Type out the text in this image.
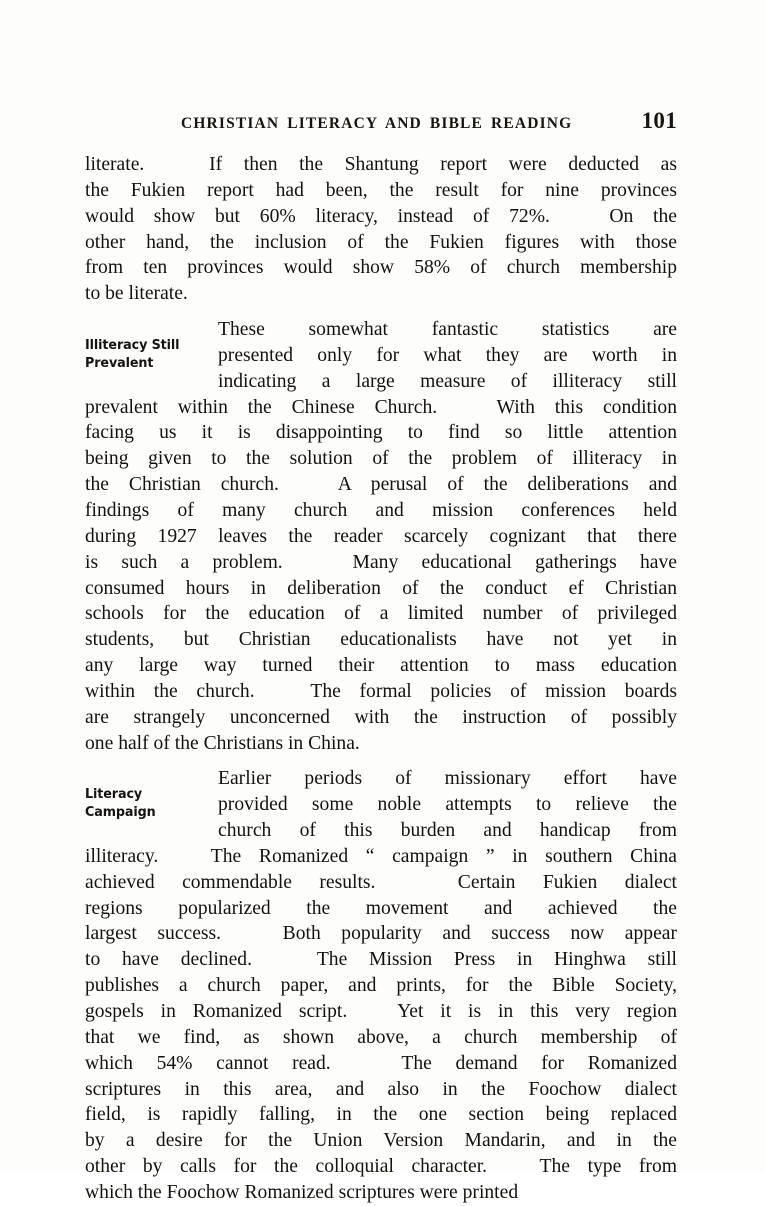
CHRISTIAN LITERACY AND BIBLE READING	101

literate.   If then the Shantung report were deducted as
the Fukien report had been, the result for nine provinces
would show but 60% literacy, instead of 72%.   On the
other hand, the inclusion of the Fukien figures with those
from ten provinces would show 58% of church membership
to be literate.

Illiteracy Still
Prevalent
These somewhat fantastic statistics are
presented only for what they are worth in
indicating a large measure of illiteracy still
prevalent within the Chinese Church.   With this condition
facing us it is disappointing to find so little attention
being given to the solution of the problem of illiteracy in
the Christian church.   A perusal of the deliberations and
findings of many church and mission conferences held
during 1927 leaves the reader scarcely cognizant that there
is such a problem.   Many educational gatherings have
consumed hours in deliberation of the conduct ef Christian
schools for the education of a limited number of privileged
students, but Christian educationalists have not yet in
any large way turned their attention to mass education
within the church.   The formal policies of mission boards
are strangely unconcerned with the instruction of possibly
one half of the Christians in China.

Literacy
Campaign
Earlier periods of missionary effort have
provided some noble attempts to relieve the
church of this burden and handicap from
illiteracy.   The Romanized “ campaign ” in southern China
achieved commendable results.   Certain Fukien dialect
regions popularized the movement and achieved the
largest success.   Both popularity and success now appear
to have declined.   The Mission Press in Hinghwa still
publishes a church paper, and prints, for the Bible Society,
gospels in Romanized script.   Yet it is in this very region
that we find, as shown above, a church membership of
which 54% cannot read.   The demand for Romanized
scriptures in this area, and also in the Foochow dialect
field, is rapidly falling, in the one section being replaced
by a desire for the Union Version Mandarin, and in the
other by calls for the colloquial character.   The type from
which the Foochow Romanized scriptures were printed
